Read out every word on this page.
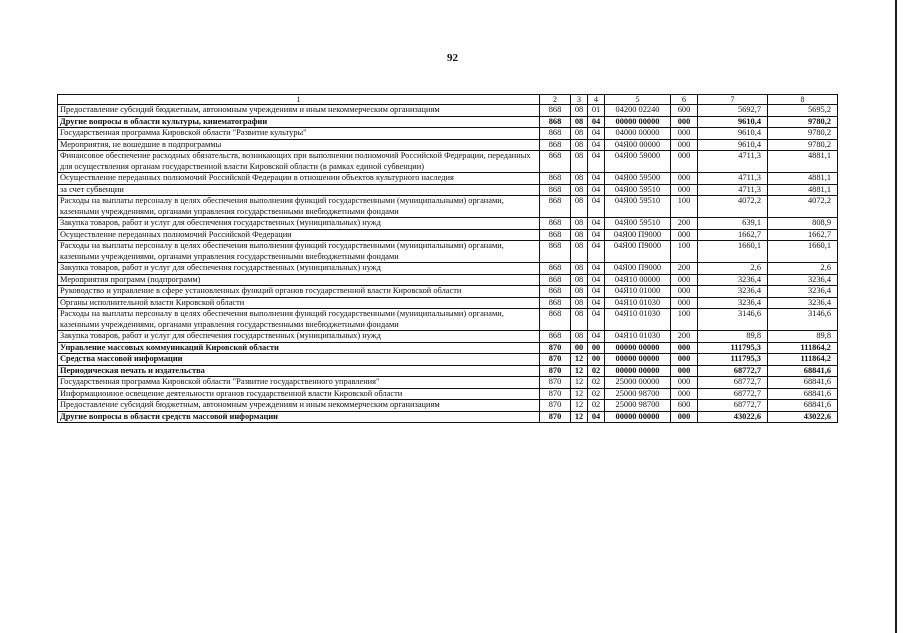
92
1	2	3	4	5	6	7	8
Предоставление субсидий бюджетным, автономным учреждениям и иным некоммерческим организациям	868	08	01	04200 02240	600	5692,7	5695,2
Другие вопросы в области культуры, кинематографии	868	08	04	00000 00000	000	9610,4	9780,2
Государственная программа Кировской области "Развитие культуры"	868	08	04	04000 00000	000	9610,4	9780,2
Мероприятия, не вошедшие в подпрограммы	868	08	04	04Я00 00000	000	9610,4	9780,2
Финансовое обеспечение расходных обязательств, возникающих при выполнении полномочий Российской Федерации, переданных для осуществления органам государственной власти Кировской области (в рамках единой субвенции)	868	08	04	04Я00 59000	000	4711,3	4881,1
Осуществление переданных полномочий Российской Федерации в отношении объектов культурного наследия	868	08	04	04Я00 59500	000	4711,3	4881,1
за счет субвенции	868	08	04	04Я00 59510	000	4711,3	4881,1
Расходы на выплаты персоналу в целях обеспечения выполнения функций государственными (муниципальными) органами, казенными учреждениями, органами управления государственными внебюджетными фондами	868	08	04	04Я00 59510	100	4072,2	4072,2
Закупка товаров, работ и услуг для обеспечения государственных (муниципальных) нужд	868	08	04	04Я00 59510	200	639,1	808,9
Осуществление переданных полномочий Российской Федерации	868	08	04	04Я00 П9000	000	1662,7	1662,7
Расходы на выплаты персоналу в целях обеспечения выполнения функций государственными (муниципальными) органами, казенными учреждениями, органами управления государственными внебюджетными фондами	868	08	04	04Я00 П9000	100	1660,1	1660,1
Закупка товаров, работ и услуг для обеспечения государственных (муниципальных) нужд	868	08	04	04Я00 П9000	200	2,6	2,6
Мероприятия программ (подпрограмм)	868	08	04	04Я10 00000	000	3236,4	3236,4
Руководство и управление в сфере установленных функций органов государственной власти Кировской области	868	08	04	04Я10 01000	000	3236,4	3236,4
Органы исполнительной власти Кировской области	868	08	04	04Я10 01030	000	3236,4	3236,4
Расходы на выплаты персоналу в целях обеспечения выполнения функций государственными (муниципальными) органами, казенными учреждениями, органами управления государственными внебюджетными фондами	868	08	04	04Я10 01030	100	3146,6	3146,6
Закупка товаров, работ и услуг для обеспечения государственных (муниципальных) нужд	868	08	04	04Я10 01030	200	89,8	89,8
Управление массовых коммуникаций Кировской области	870	00	00	00000 00000	000	111795,3	111864,2
Средства массовой информации	870	12	00	00000 00000	000	111795,3	111864,2
Периодическая печать и издательства	870	12	02	00000 00000	000	68772,7	68841,6
Государственная программа Кировской области "Развитие государственного управления"	870	12	02	25000 00000	000	68772,7	68841,6
Информационное освещение деятельности органов государственной власти Кировской области	870	12	02	25000 98700	000	68772,7	68841,6
Предоставление субсидий бюджетным, автономным учреждениям и иным некоммерческим организациям	870	12	02	25000 98700	600	68772,7	68841,6
Другие вопросы в области средств массовой информации	870	12	04	00000 00000	000	43022,6	43022,6
